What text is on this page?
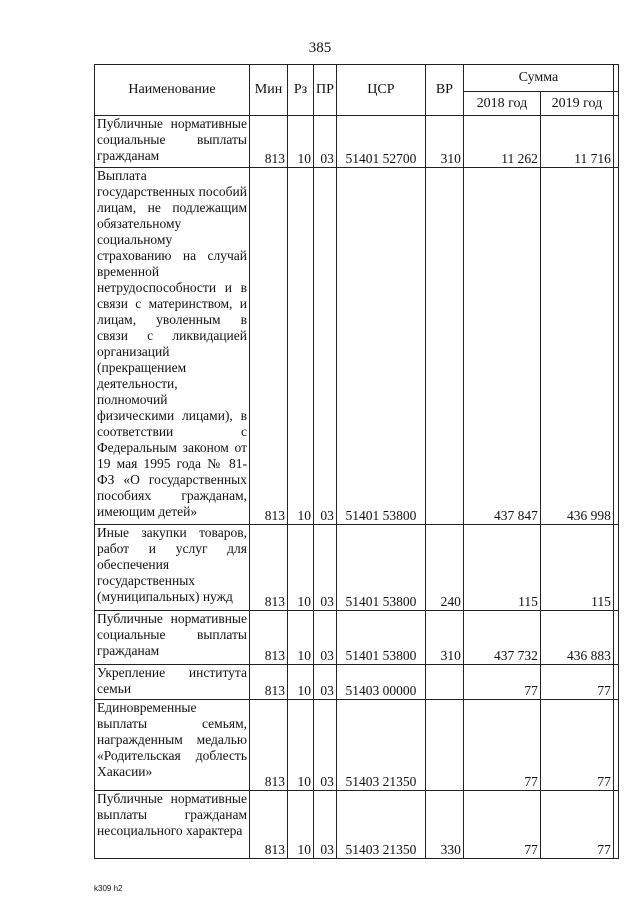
385
Наименование	Мин	Рз	ПР	ЦСР	ВР	Сумма		
						2018 год	2019 год	
Публичные нормативные социальные выплаты гражданам	813	10	03	51401 52700	310	11 262	11 716	
Выплата государственных пособий лицам, не подлежащим обязательному социальному страхованию на случай временной нетрудоспособности и в связи с материнством, и лицам, уволенным в связи с ликвидацией организаций (прекращением деятельности, полномочий физическими лицами), в соответствии с Федеральным законом от 19 мая 1995 года № 81-ФЗ «О государственных пособиях гражданам, имеющим детей»	813	10	03	51401 53800		437 847	436 998	
Иные закупки товаров, работ и услуг для обеспечения государственных (муниципальных) нужд	813	10	03	51401 53800	240	115	115	
Публичные нормативные социальные выплаты гражданам	813	10	03	51401 53800	310	437 732	436 883	
Укрепление института семьи	813	10	03	51403 00000		77	77	
Единовременные выплаты семьям, награжденным медалью «Родительская доблесть Хакасии»	813	10	03	51403 21350		77	77	
Публичные нормативные выплаты гражданам несоциального характера	813	10	03	51403 21350	330	77	77	
k309 h2
